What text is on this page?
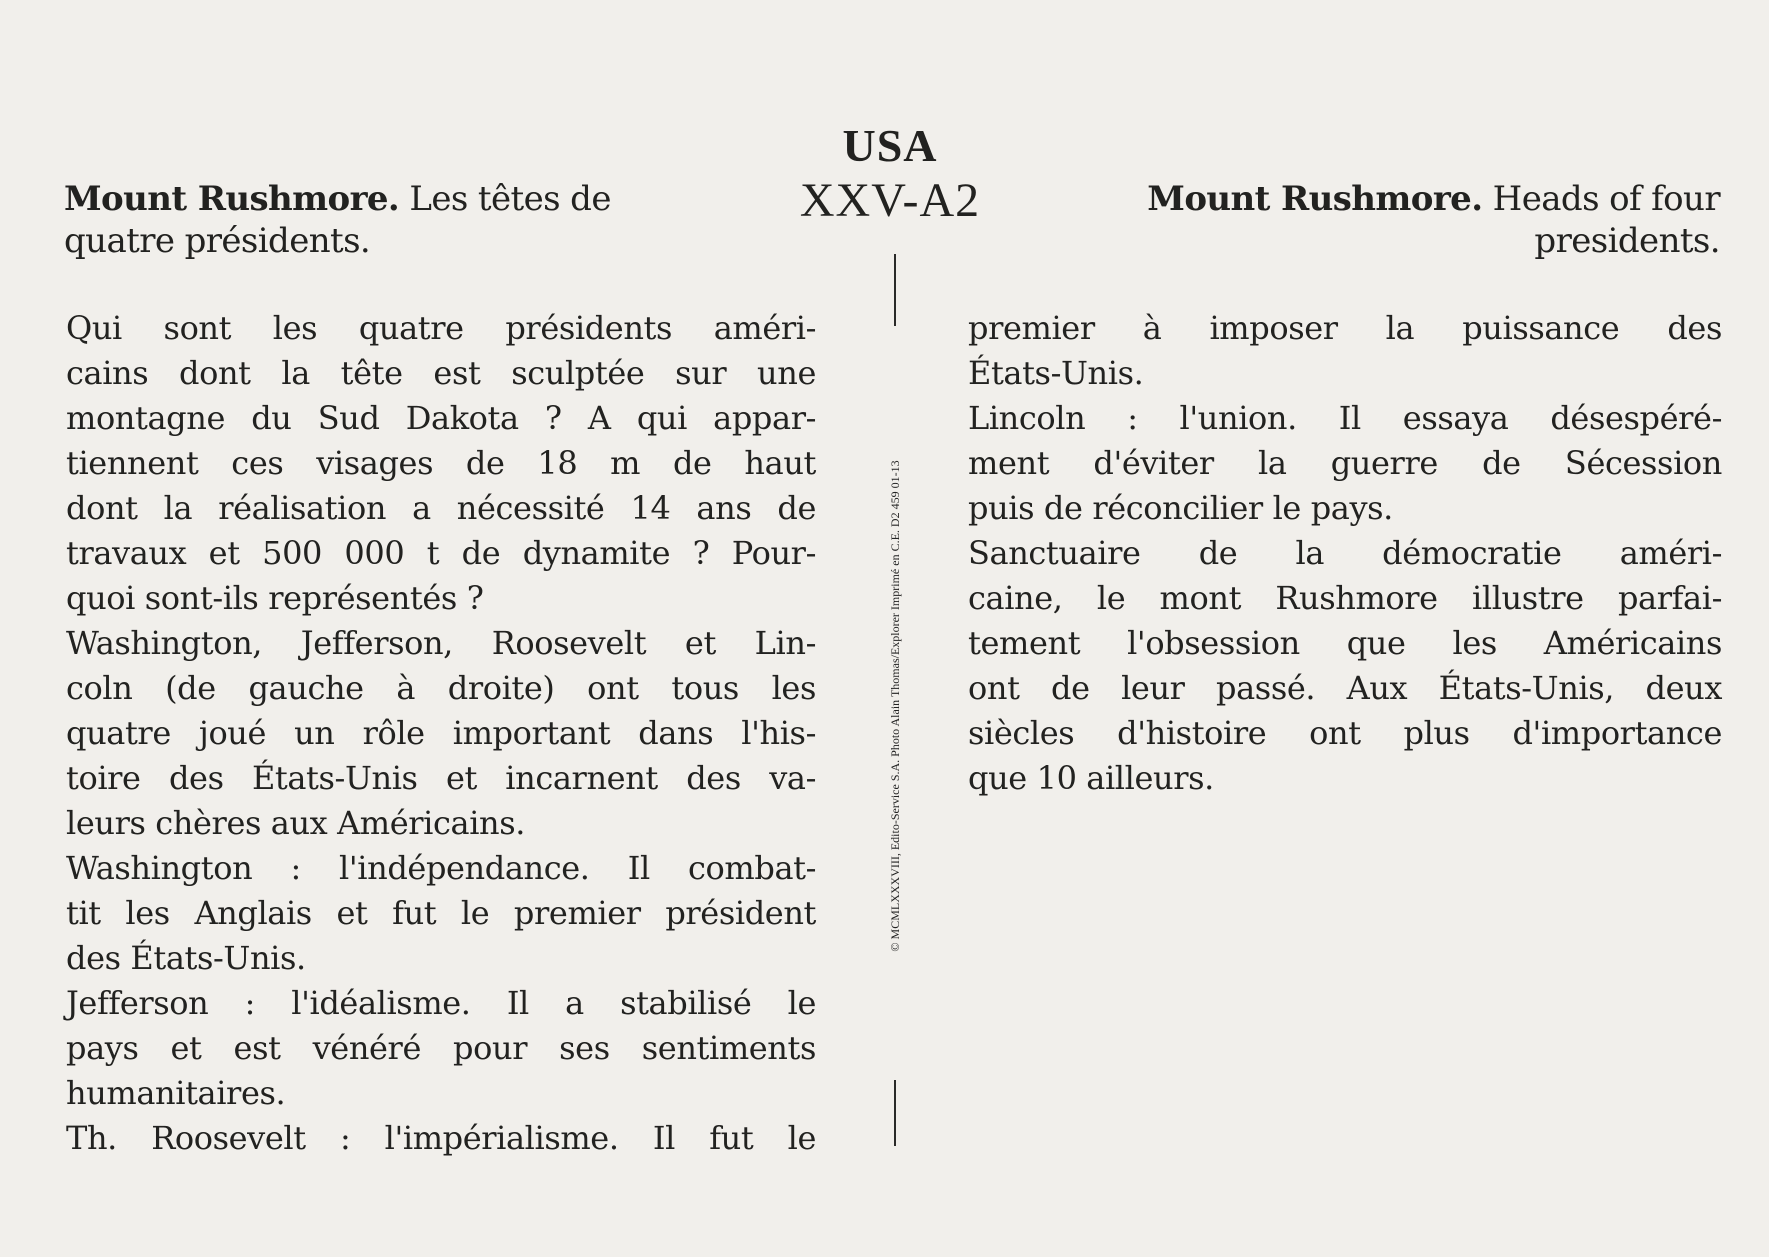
USA
XXV-A2
© MCMLXXXVIII, Edito-Service S.A. Photo Alain Thomas/Explorer Imprimé en C.E. D2 459 01-13
Mount Rushmore. Les têtes de
quatre présidents.
Mount Rushmore. Heads of four
presidents.
Qui sont les quatre présidents améri-
cains dont la tête est sculptée sur une
montagne du Sud Dakota ? A qui appar-
tiennent ces visages de 18 m de haut
dont la réalisation a nécessité 14 ans de
travaux et 500 000 t de dynamite ? Pour-
quoi sont-ils représentés ?
Washington, Jefferson, Roosevelt et Lin-
coln (de gauche à droite) ont tous les
quatre joué un rôle important dans l'his-
toire des États-Unis et incarnent des va-
leurs chères aux Américains.
Washington : l'indépendance. Il combat-
tit les Anglais et fut le premier président
des États-Unis.
Jefferson : l'idéalisme. Il a stabilisé le
pays et est vénéré pour ses sentiments
humanitaires.
Th. Roosevelt : l'impérialisme. Il fut le
premier à imposer la puissance des
États-Unis.
Lincoln : l'union. Il essaya désespéré-
ment d'éviter la guerre de Sécession
puis de réconcilier le pays.
Sanctuaire de la démocratie améri-
caine, le mont Rushmore illustre parfai-
tement l'obsession que les Américains
ont de leur passé. Aux États-Unis, deux
siècles d'histoire ont plus d'importance
que 10 ailleurs.
